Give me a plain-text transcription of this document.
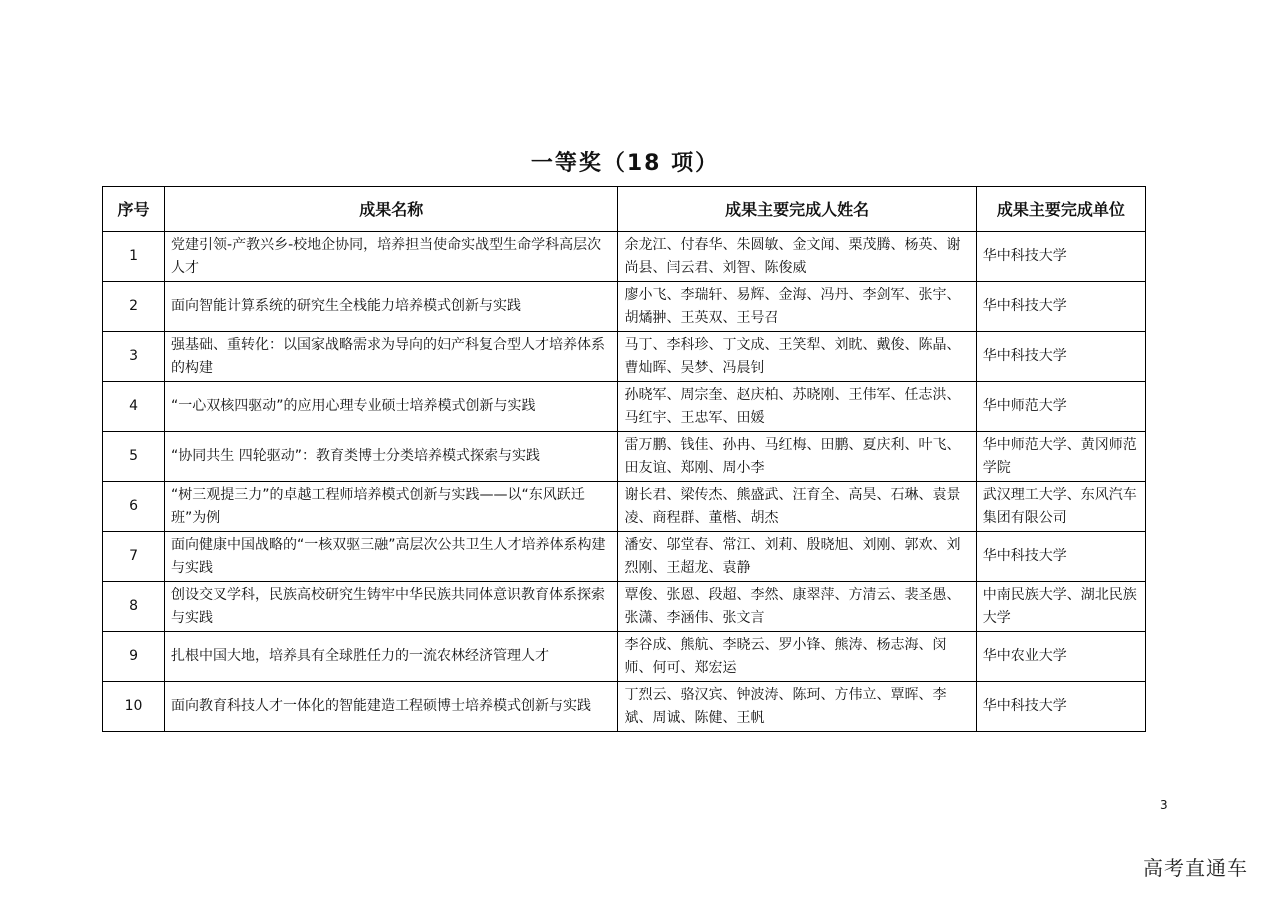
一等奖（18 项）
序号	成果名称	成果主要完成人姓名	成果主要完成单位
1	党建引领-产教兴乡-校地企协同，培养担当使命实战型生命学科高层次人才	余龙江、付春华、朱圆敏、金文闻、栗茂腾、杨英、谢尚县、闫云君、刘智、陈俊威	华中科技大学
2	面向智能计算系统的研究生全栈能力培养模式创新与实践	廖小飞、李瑞轩、易辉、金海、冯丹、李剑军、张宇、胡燏翀、王英双、王号召	华中科技大学
3	强基础、重转化：以国家战略需求为导向的妇产科复合型人才培养体系的构建	马丁、李科珍、丁文成、王笑犁、刘眈、戴俊、陈晶、曹灿晖、吴梦、冯晨钊	华中科技大学
4	“一心双核四驱动”的应用心理专业硕士培养模式创新与实践	孙晓军、周宗奎、赵庆柏、苏晓刚、王伟军、任志洪、马红宇、王忠军、田媛	华中师范大学
5	“协同共生 四轮驱动”：教育类博士分类培养模式探索与实践	雷万鹏、钱佳、孙冉、马红梅、田鹏、夏庆利、叶飞、田友谊、郑刚、周小李	华中师范大学、黄冈师范学院
6	“树三观提三力”的卓越工程师培养模式创新与实践——以“东风跃迁班”为例	谢长君、梁传杰、熊盛武、汪育全、高昊、石琳、袁景凌、商程群、董楷、胡杰	武汉理工大学、东风汽车集团有限公司
7	面向健康中国战略的“一核双驱三融”高层次公共卫生人才培养体系构建与实践	潘安、邬堂春、常江、刘莉、殷晓旭、刘刚、郭欢、刘烈刚、王超龙、袁静	华中科技大学
8	创设交叉学科，民族高校研究生铸牢中华民族共同体意识教育体系探索与实践	覃俊、张恩、段超、李然、康翠萍、方清云、裴圣愚、张潇、李涵伟、张文言	中南民族大学、湖北民族大学
9	扎根中国大地，培养具有全球胜任力的一流农林经济管理人才	李谷成、熊航、李晓云、罗小锋、熊涛、杨志海、闵师、何可、郑宏运	华中农业大学
10	面向教育科技人才一体化的智能建造工程硕博士培养模式创新与实践	丁烈云、骆汉宾、钟波涛、陈珂、方伟立、覃晖、李斌、周诚、陈健、王帆	华中科技大学
3
高考直通车
